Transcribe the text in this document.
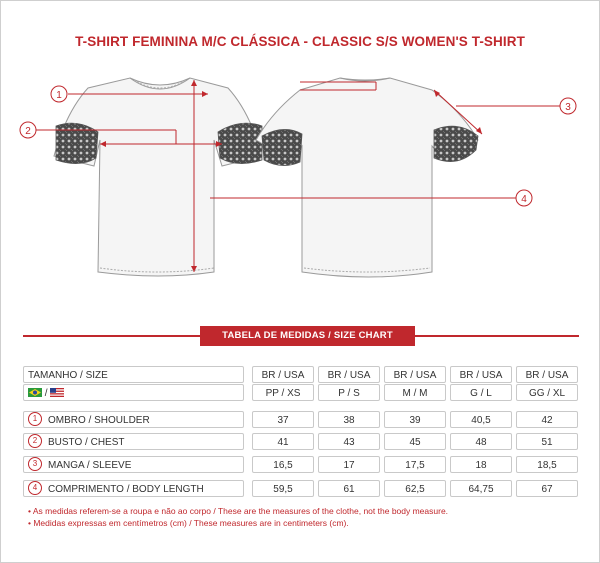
T-SHIRT FEMININA M/C CLÁSSICA - CLASSIC S/S WOMEN'S T-SHIRT
1
2
3
4
TABELA DE MEDIDAS / SIZE CHART
TAMANHO / SIZE	BR / USA	BR / USA	BR / USA	BR / USA	BR / USA
/	PP / XS	P / S	M / M	G / L	GG / XL
1 OMBRO / SHOULDER	37	38	39	40,5	42
2 BUSTO / CHEST	41	43	45	48	51
3 MANGA / SLEEVE	16,5	17	17,5	18	18,5
4 COMPRIMENTO / BODY LENGTH	59,5	61	62,5	64,75	67
• As medidas referem-se a roupa e não ao corpo / These are the measures of the clothe, not the body measure.
• Medidas expressas em centímetros (cm) / These measures are in centimeters (cm).
